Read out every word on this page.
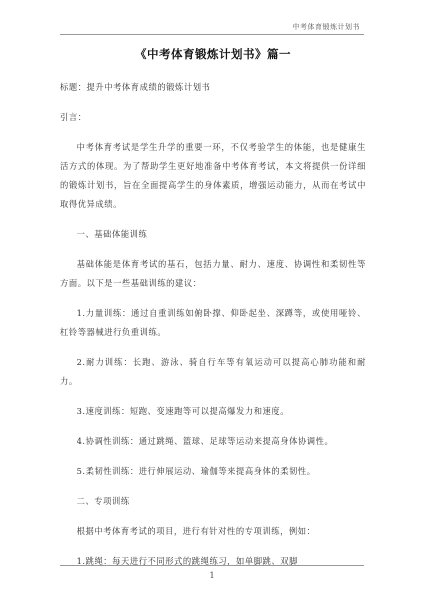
中考体育锻炼计划书
《中考体育锻炼计划书》篇一

标题：提升中考体育成绩的锻炼计划书

引言：

中考体育考试是学生升学的重要一环，不仅考验学生的体能，也是健康生活方式的体现。为了帮助学生更好地准备中考体育考试，本文将提供一份详细的锻炼计划书，旨在全面提高学生的身体素质，增强运动能力，从而在考试中取得优异成绩。

一、基础体能训练

基础体能是体育考试的基石，包括力量、耐力、速度、协调性和柔韧性等方面。以下是一些基础训练的建议：

1.力量训练：通过自重训练如俯卧撑、仰卧起坐、深蹲等，或使用哑铃、杠铃等器械进行负重训练。

2.耐力训练：长跑、游泳、骑自行车等有氧运动可以提高心肺功能和耐力。

3.速度训练：短跑、变速跑等可以提高爆发力和速度。

4.协调性训练：通过跳绳、篮球、足球等运动来提高身体协调性。

5.柔韧性训练：进行伸展运动、瑜伽等来提高身体的柔韧性。

二、专项训练

根据中考体育考试的项目，进行有针对性的专项训练，例如：

1.跳绳：每天进行不同形式的跳绳练习，如单脚跳、双脚

1
